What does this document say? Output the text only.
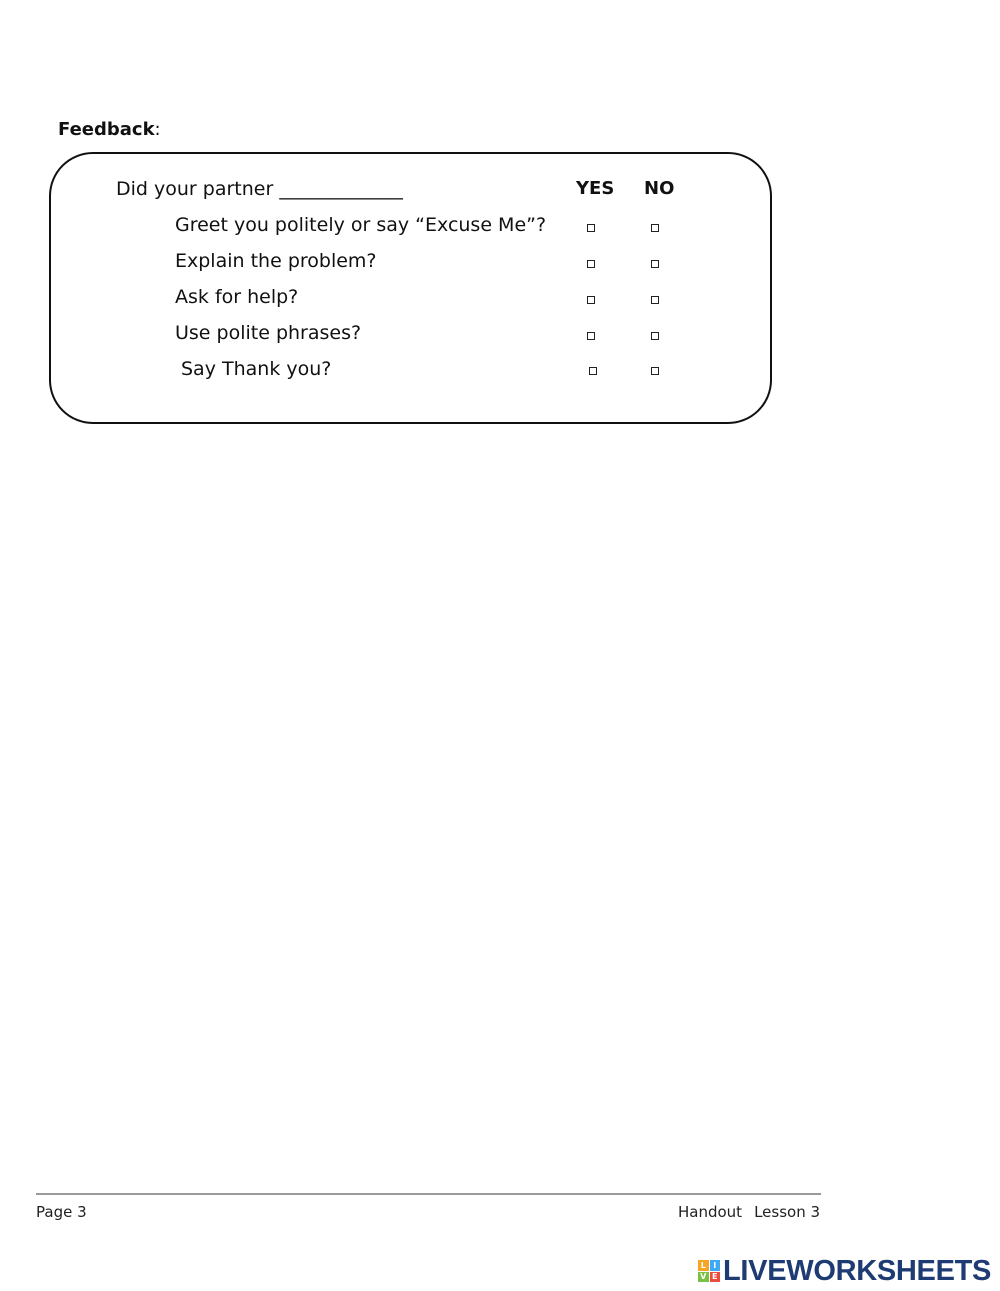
Feedback:
Did your partner _____________	YES NO
Greet you politely or say “Excuse Me”?
Explain the problem?
Ask for help?
Use polite phrases?
Say Thank you?
Page 3	Handout Lesson 3
L I
V E LIVEWORKSHEETS
